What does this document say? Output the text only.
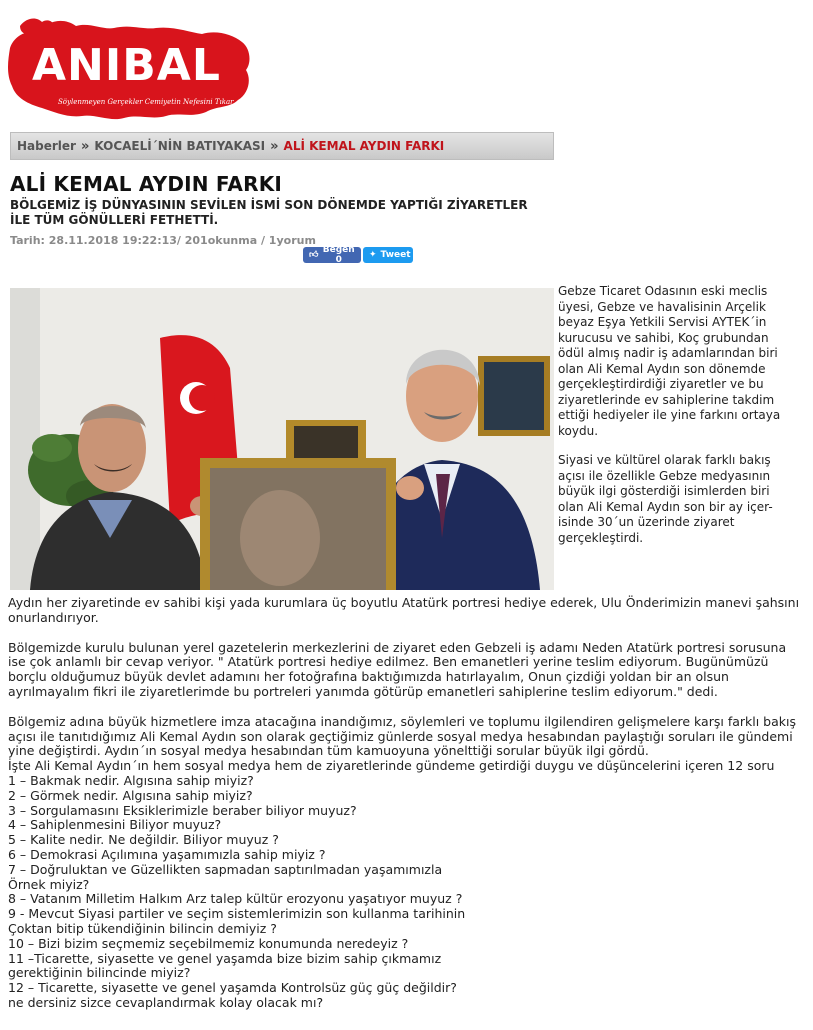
ANIBAL
Söylenmeyen Gerçekler Cemiyetin Nefesini Tıkar
Haberler » KOCAELİ´NİN BATIYAKASI » ALİ KEMAL AYDIN FARKI
ALİ KEMAL AYDIN FARKI
BÖLGEMİZ İŞ DÜNYASININ SEVİLEN İSMİ SON DÖNEMDE YAPTIĞI ZİYARETLER İLE TÜM GÖNÜLLERİ FETHETTİ.
Tarih: 28.11.2018 19:22:13/ 201okunma / 1yorum
👍︎ Beğen 0	✦ Tweet

Gebze Ticaret Odasının eski meclis üyesi, Gebze ve havalisinin Arçelik beyaz Eşya Yetkili Servisi AYTEK´in kurucusu ve sahibi, Koç grubundan ödül almış nadir iş adamlarından biri olan Ali Kemal Aydın son dönemde gerçekleştirdirdiği ziyaretler ve bu ziyaretlerinde ev sahiplerine takdim ettiği hediyeler ile yine farkını ortaya koydu.

Siyasi ve kültürel olarak farklı bakış açısı ile özellikle Gebze medyasının büyük ilgi gösterdiği isimlerden biri olan Ali Kemal Aydın son bir ay içer- isinde 30´un üzerinde ziyaret gerçekleştirdi.

Aydın her ziyaretinde ev sahibi kişi yada kurumlara üç boyutlu Atatürk portresi hediye ederek, Ulu Önderimizin manevi şahsını onurlandırıyor.

Bölgemizde kurulu bulunan yerel gazetelerin merkezlerini de ziyaret eden Gebzeli iş adamı Neden Atatürk portresi sorusuna ise çok anlamlı bir cevap veriyor. " Atatürk portresi hediye edilmez. Ben emanetleri yerine teslim ediyorum. Bugünümüzü borçlu olduğumuz büyük devlet adamını her fotoğrafına baktığımızda hatırlayalım, Onun çizdiği yoldan bir an olsun ayrılmayalım fikri ile ziyaretlerimde bu portreleri yanımda götürüp emanetleri sahiplerine teslim ediyorum." dedi.

Bölgemiz adına büyük hizmetlere imza atacağına inandığımız, söylemleri ve toplumu ilgilendiren gelişmelere karşı farklı bakış açısı ile tanıtıdığımız Ali Kemal Aydın son olarak geçtiğimiz günlerde sosyal medya hesabından paylaştığı soruları ile gündemi yine değiştirdi. Aydın´ın sosyal medya hesabından tüm kamuoyuna yönelttiği sorular büyük ilgi gördü.

İşte Ali Kemal Aydın´ın hem sosyal medya hem de ziyaretlerinde gündeme getirdiği duygu ve düşüncelerini içeren 12 soru
1 – Bakmak nedir. Algısına sahip miyiz?
2 – Görmek nedir. Algısına sahip miyiz?
3 – Sorgulamasını Eksiklerimizle beraber biliyor muyuz?
4 – Sahiplenmesini Biliyor muyuz?
5 – Kalite nedir. Ne değildir. Biliyor muyuz ?
6 – Demokrasi Açılımına yaşamımızla sahip miyiz ?
7 – Doğruluktan ve Güzellikten sapmadan saptırılmadan yaşamımızla
Örnek miyiz?
8 – Vatanım Milletim Halkım Arz talep kültür erozyonu yaşatıyor muyuz ?
9 - Mevcut Siyasi partiler ve seçim sistemlerimizin son kullanma tarihinin
Çoktan bitip tükendiğinin bilincin demiyiz ?
10 – Bizi bizim seçmemiz seçebilmemiz konumunda neredeyiz ?
11 –Ticarette, siyasette ve genel yaşamda bize bizim sahip çıkmamız
gerektiğinin bilincinde miyiz?
12 – Ticarette, siyasette ve genel yaşamda Kontrolsüz güç güç değildir?
ne dersiniz sizce cevaplandırmak kolay olacak mı?
